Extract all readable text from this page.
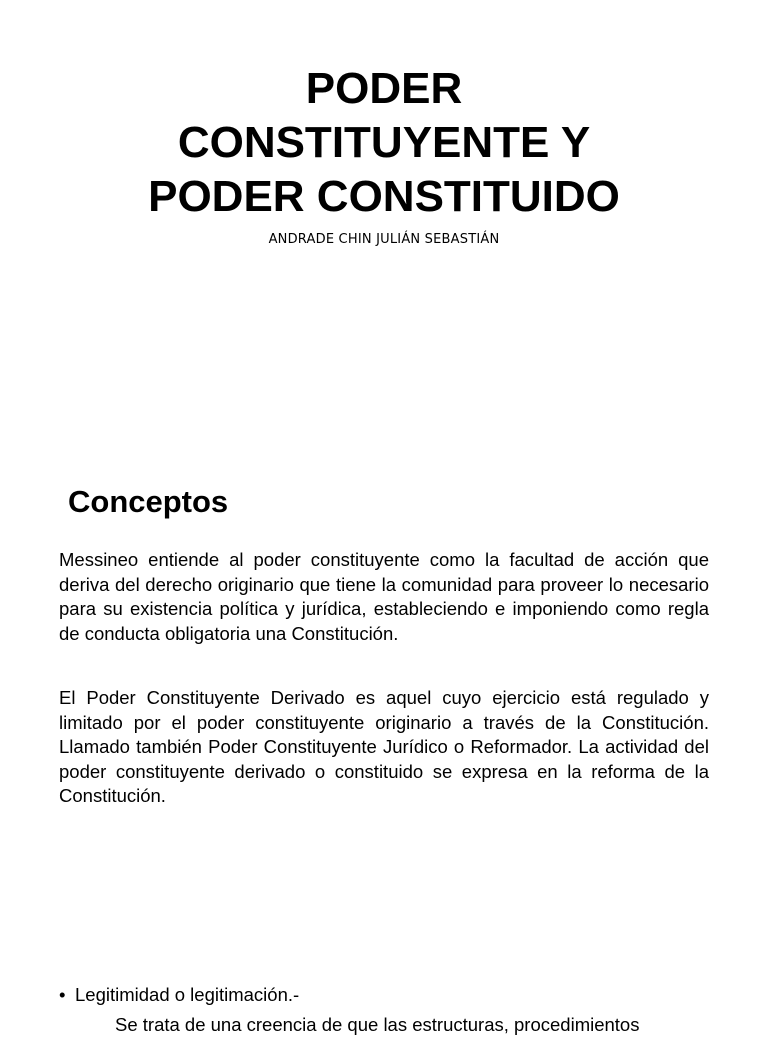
PODER
CONSTITUYENTE Y
PODER CONSTITUIDO
ANDRADE CHIN JULIÁN SEBASTIÁN
Conceptos

Messineo entiende al poder constituyente como la facultad de acción que deriva del derecho originario que tiene la comunidad para proveer lo necesario para su existencia política y jurídica, estableciendo e imponiendo como regla de conducta obligatoria una Constitución.

El Poder Constituyente Derivado es aquel cuyo ejercicio está regulado y limitado por el poder constituyente originario a través de la Constitución. Llamado también Poder Constituyente Jurídico o Reformador. La actividad del poder constituyente derivado o constituido se expresa en la reforma de la Constitución.

• Legitimidad o legitimación.-
Se trata de una creencia de que las estructuras, procedimientos
